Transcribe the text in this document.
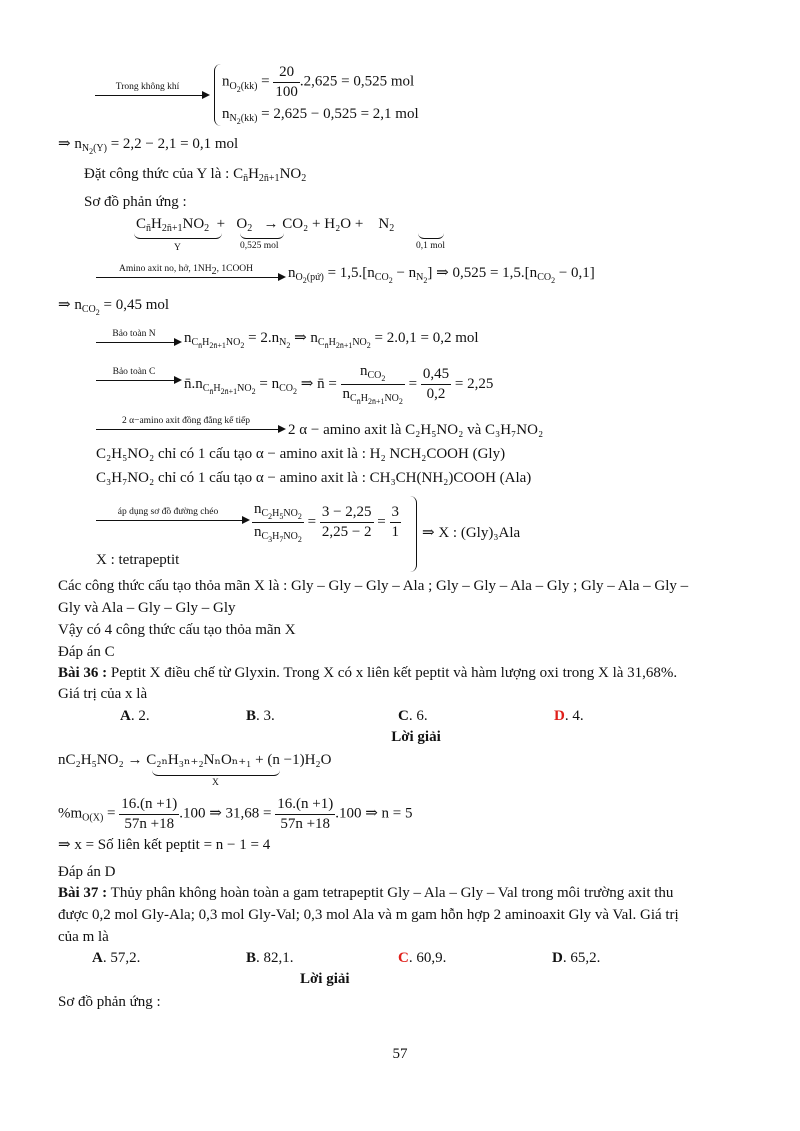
Trong không khí	$n_{O_2(kk)} = \frac{20}{100} .2,625 = 0,525$ mol
$n_{N_2(kk)} = 2,625 - 0,525 = 2,1$ mol
⇒ $n_{N_2(Y)} = 2,2 - 2,1 = 0,1$ mol
Đặt công thức của Y là : $C_{n̄}H_{2n̄+1}NO_2$
Sơ đồ phản ứng :
$C_{n̄}H_{2n̄+1}NO_2 + O_2 \to CO_2 + H_2O$ +    $N_2$
Y	0,525 mol	0,1 mol
Amino axit no, hở, $1NH_2$, 1COOH	$n_{O_2(pứ)} = 1,5.[n_{CO_2} - n_{N_2}]$ ⇒ $0,525 = 1,5.[n_{CO_2} - 0,1]$
⇒ $n_{CO_2} = 0,45$ mol
Bảo toàn N	$n_{C_{n̄}H_{2n̄+1}NO_2} = 2.n_{N_2}$ ⇒ $n_{C_{n̄}H_{2n̄+1}NO_2} = 2.0,1 = 0,2$ mol
Bảo toàn C
$n̄.n_{C_{n̄}H_{2n̄+1}NO_2} = n_{CO_2}$ ⇒ n̄ = $\frac{n_{CO_2}}{n_{C_{n̄}H_{2n̄+1}NO_2}} = \frac{0,45}{0,2} = 2,25$
2 α−amino axit đồng đẳng kế tiếp
2 α − amino axit là C₂H₅NO₂ và C₃H₇NO₂
C₂H₅NO₂ chỉ có 1 cấu tạo α − amino axit là : H₂ NCH₂COOH (Gly)
C₃H₇NO₂ chỉ có 1 cấu tạo α − amino axit là : CH₃CH(NH₂)COOH (Ala)
áp dụng sơ đồ đường chéo	$\frac{n_{C_2H_5NO_2}}{n_{C_3H_7NO_2}} = \frac{3 - 2,25}{2,25 - 2} = \frac{3}{1}$ ⇒ X : (Gly)₃Ala
X : tetrapeptit
Các công thức cấu tạo thỏa mãn X là : Gly – Gly – Gly – Ala ; Gly – Gly – Ala – Gly ; Gly – Ala – Gly –
Gly và Ala – Gly – Gly – Gly
Vậy có 4 công thức cấu tạo thỏa mãn X
Đáp án C
Bài 36 : Peptit X điều chế từ Glyxin. Trong X có x liên kết peptit và hàm lượng oxi trong X là 31,68%.
Giá trị của x là
A. 2.	B. 3.	C. 6.	D. 4.
Lời giải
nC₂H₅NO₂ → C₂ₙH₃ₙ₊₂NₙOₙ₊₁ + (n −1)H₂O
X
$\%m_{O(X)} = \frac{16.(n +1)}{57n +18} .100$ ⇒ $31,68 = \frac{16.(n +1)}{57n +18} .100$ ⇒ n = 5
⇒ x = Số liên kết peptit = n − 1 = 4
Đáp án D
Bài 37 : Thủy phân không hoàn toàn a gam tetrapeptit Gly – Ala – Gly – Val trong môi trường axit thu
được 0,2 mol Gly-Ala; 0,3 mol Gly-Val; 0,3 mol Ala và m gam hỗn hợp 2 aminoaxit Gly và Val. Giá trị
của m là
A. 57,2.	B. 82,1.	C. 60,9.	D. 65,2.
Lời giải
Sơ đồ phản ứng :
57
